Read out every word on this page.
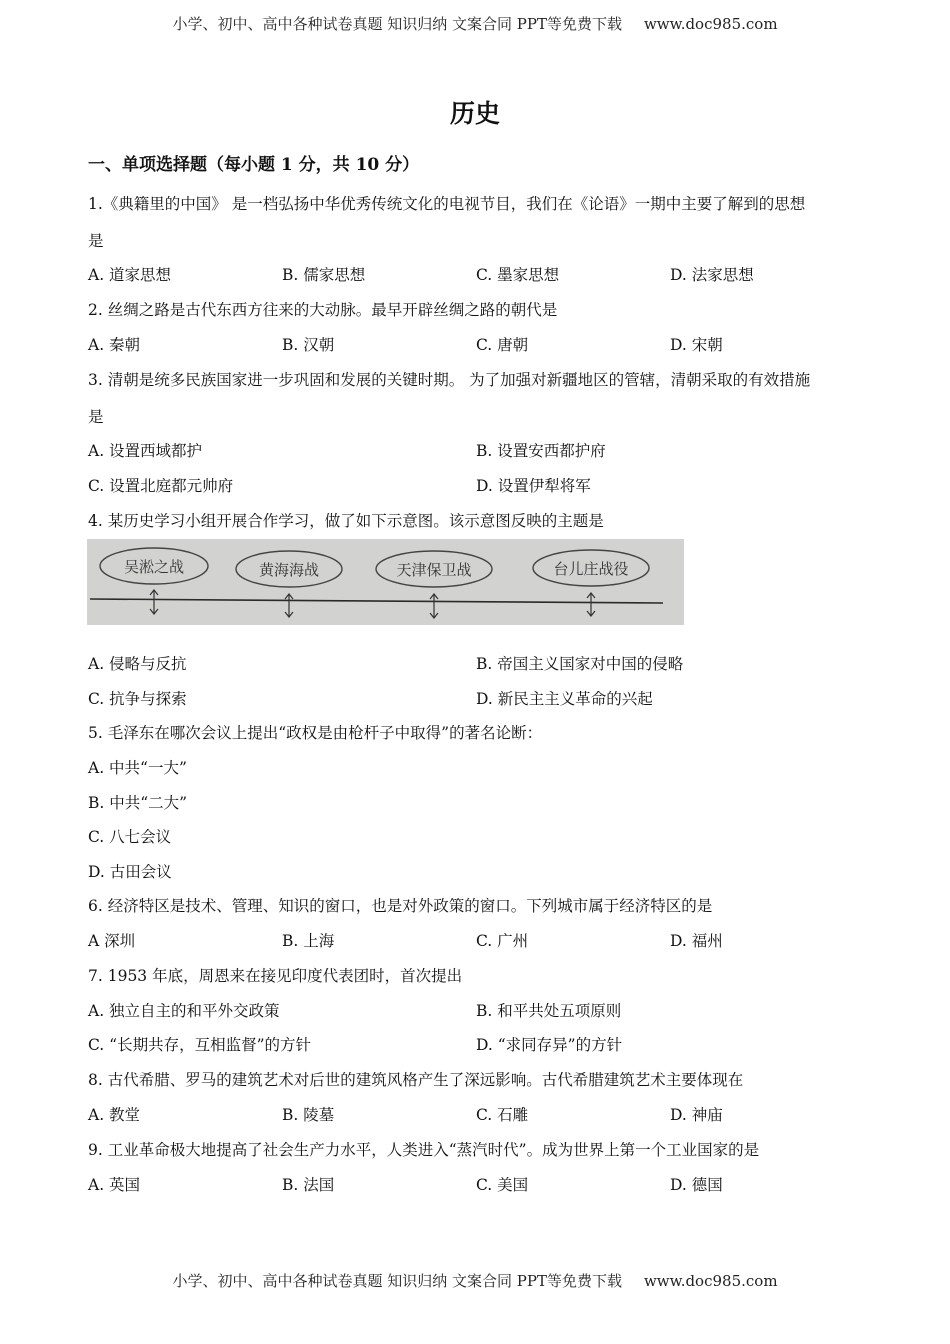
小学、初中、高中各种试卷真题 知识归纳 文案合同 PPT等免费下载 www.doc985.com
历史
一、单项选择题（每小题 1 分，共 10 分）
1.《典籍里的中国》 是一档弘扬中华优秀传统文化的电视节目，我们在《论语》一期中主要了解到的思想
是
A. 道家思想	B. 儒家思想	C. 墨家思想	D. 法家思想
2. 丝绸之路是古代东西方往来的大动脉。最早开辟丝绸之路的朝代是
A. 秦朝	B. 汉朝	C. 唐朝	D. 宋朝
3. 清朝是统多民族国家进一步巩固和发展的关键时期。 为了加强对新疆地区的管辖，清朝采取的有效措施
是
A. 设置西域都护	B. 设置安西都护府
C. 设置北庭都元帅府	D. 设置伊犁将军
4. 某历史学习小组开展合作学习，做了如下示意图。该示意图反映的主题是
吴淞之战	黄海海战	天津保卫战	台儿庄战役
A. 侵略与反抗	B. 帝国主义国家对中国的侵略
C. 抗争与探索	D. 新民主主义革命的兴起
5. 毛泽东在哪次会议上提出“政权是由枪杆子中取得”的著名论断：
A. 中共“一大”
B. 中共“二大”
C. 八七会议
D. 古田会议
6. 经济特区是技术、管理、知识的窗口，也是对外政策的窗口。下列城市属于经济特区的是
A 深圳	B. 上海	C. 广州	D. 福州
7. 1953 年底，周恩来在接见印度代表团时，首次提出
A. 独立自主的和平外交政策	B. 和平共处五项原则
C. “长期共存，互相监督”的方针	D. “求同存异”的方针
8. 古代希腊、罗马的建筑艺术对后世的建筑风格产生了深远影响。古代希腊建筑艺术主要体现在
A. 教堂	B. 陵墓	C. 石雕	D. 神庙
9. 工业革命极大地提高了社会生产力水平，人类进入“蒸汽时代”。成为世界上第一个工业国家的是
A. 英国	B. 法国	C. 美国	D. 德国
小学、初中、高中各种试卷真题 知识归纳 文案合同 PPT等免费下载 www.doc985.com
